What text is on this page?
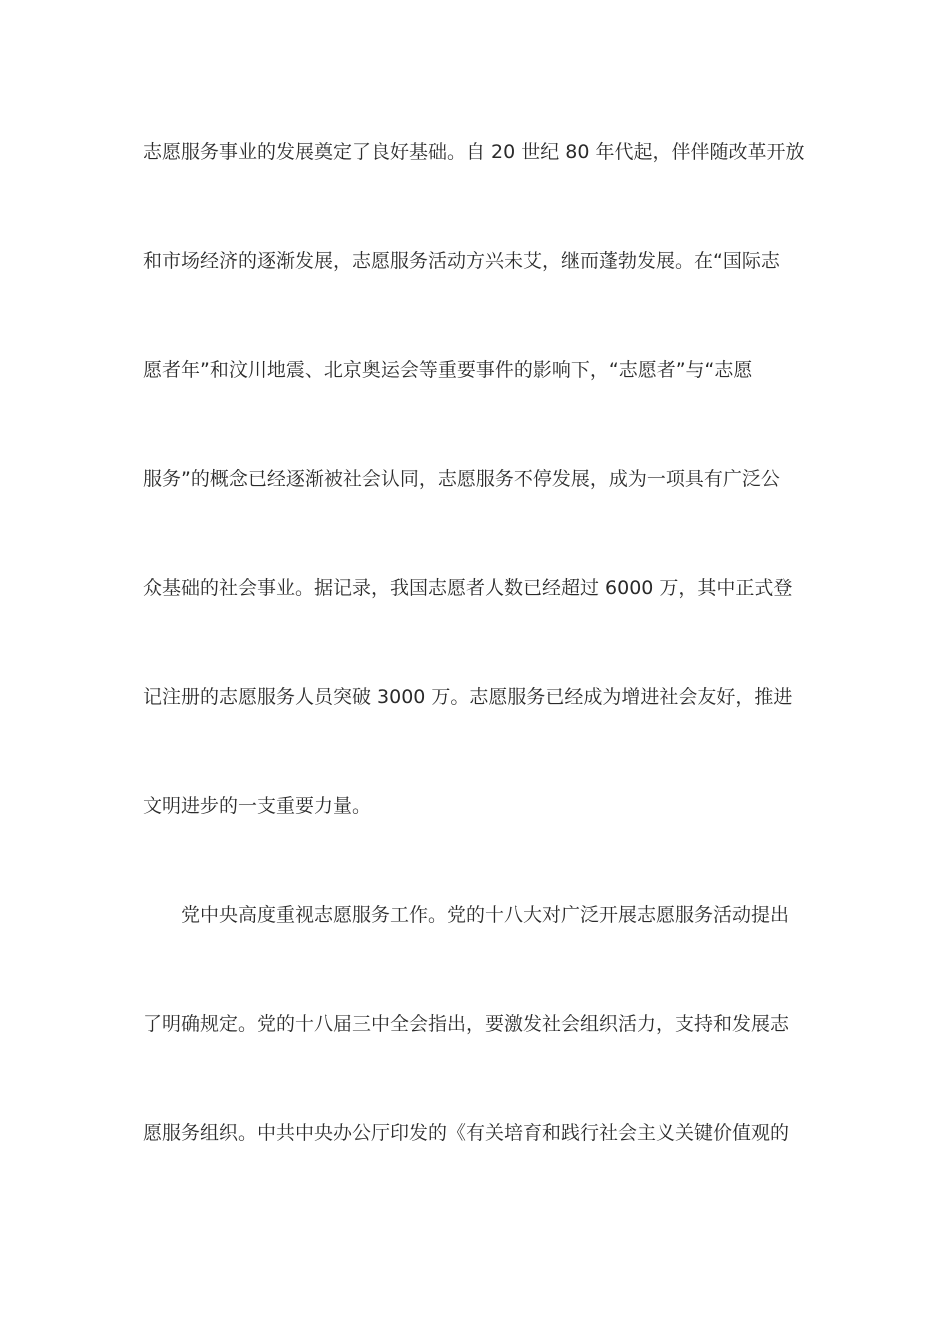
志愿服务事业的发展奠定了良好基础。自 20 世纪 80 年代起，伴伴随改革开放
和市场经济的逐渐发展，志愿服务活动方兴未艾，继而蓬勃发展。在“国际志
愿者年”和汶川地震、北京奥运会等重要事件的影响下，“志愿者”与“志愿
服务”的概念已经逐渐被社会认同，志愿服务不停发展，成为一项具有广泛公
众基础的社会事业。据记录，我国志愿者人数已经超过 6000 万，其中正式登
记注册的志愿服务人员突破 3000 万。志愿服务已经成为增进社会友好，推进
文明进步的一支重要力量。
党中央高度重视志愿服务工作。党的十八大对广泛开展志愿服务活动提出
了明确规定。党的十八届三中全会指出，要激发社会组织活力，支持和发展志
愿服务组织。中共中央办公厅印发的《有关培育和践行社会主义关键价值观的
